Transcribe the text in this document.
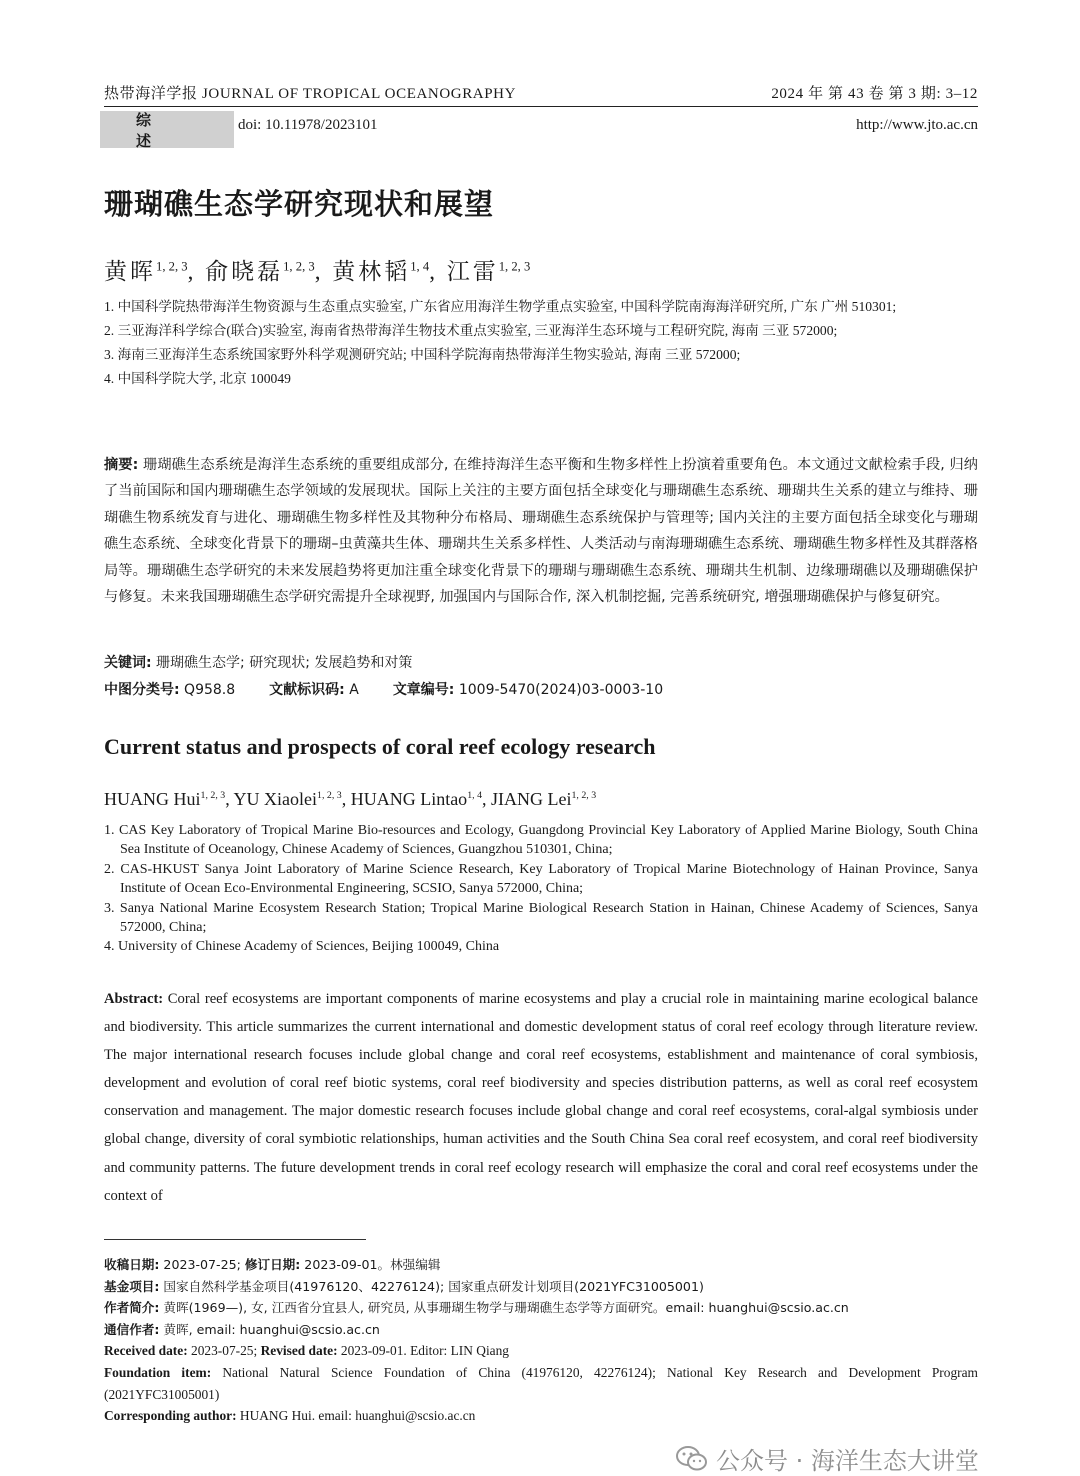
热带海洋学报 JOURNAL OF TROPICAL OCEANOGRAPHY	2024 年 第 43 卷 第 3 期: 3–12
综 述
doi: 10.11978/2023101	http://www.jto.ac.cn
珊瑚礁生态学研究现状和展望
黄晖$^{1, 2, 3}$, 俞晓磊$^{1, 2, 3}$, 黄林韬$^{1, 4}$, 江雷$^{1, 2, 3}$
1. 中国科学院热带海洋生物资源与生态重点实验室, 广东省应用海洋生物学重点实验室, 中国科学院南海海洋研究所, 广东 广州 510301;
2. 三亚海洋科学综合(联合)实验室, 海南省热带海洋生物技术重点实验室, 三亚海洋生态环境与工程研究院, 海南 三亚 572000;
3. 海南三亚海洋生态系统国家野外科学观测研究站; 中国科学院海南热带海洋生物实验站, 海南 三亚 572000;
4. 中国科学院大学, 北京 100049
摘要: 珊瑚礁生态系统是海洋生态系统的重要组成部分, 在维持海洋生态平衡和生物多样性上扮演着重要角色。本文通过文献检索手段, 归纳了当前国际和国内珊瑚礁生态学领域的发展现状。国际上关注的主要方面包括全球变化与珊瑚礁生态系统、珊瑚共生关系的建立与维持、珊瑚礁生物系统发育与进化、珊瑚礁生物多样性及其物种分布格局、珊瑚礁生态系统保护与管理等; 国内关注的主要方面包括全球变化与珊瑚礁生态系统、全球变化背景下的珊瑚–虫黄藻共生体、珊瑚共生关系多样性、人类活动与南海珊瑚礁生态系统、珊瑚礁生物多样性及其群落格局等。珊瑚礁生态学研究的未来发展趋势将更加注重全球变化背景下的珊瑚与珊瑚礁生态系统、珊瑚共生机制、边缘珊瑚礁以及珊瑚礁保护与修复。未来我国珊瑚礁生态学研究需提升全球视野, 加强国内与国际合作, 深入机制挖掘, 完善系统研究, 增强珊瑚礁保护与修复研究。
关键词: 珊瑚礁生态学; 研究现状; 发展趋势和对策
中图分类号: Q958.8 文献标识码: A 文章编号: 1009-5470(2024)03-0003-10
Current status and prospects of coral reef ecology research
HUANG Hui$^{1, 2, 3}$, YU Xiaolei$^{1, 2, 3}$, HUANG Lintao$^{1, 4}$, JIANG Lei$^{1, 2, 3}$
1. CAS Key Laboratory of Tropical Marine Bio-resources and Ecology, Guangdong Provincial Key Laboratory of Applied Marine Biology, South China Sea Institute of Oceanology, Chinese Academy of Sciences, Guangzhou 510301, China;
2. CAS-HKUST Sanya Joint Laboratory of Marine Science Research, Key Laboratory of Tropical Marine Biotechnology of Hainan Province, Sanya Institute of Ocean Eco-Environmental Engineering, SCSIO, Sanya 572000, China;
3. Sanya National Marine Ecosystem Research Station; Tropical Marine Biological Research Station in Hainan, Chinese Academy of Sciences, Sanya 572000, China;
4. University of Chinese Academy of Sciences, Beijing 100049, China
Abstract: Coral reef ecosystems are important components of marine ecosystems and play a crucial role in maintaining marine ecological balance and biodiversity. This article summarizes the current international and domestic development status of coral reef ecology through literature review. The major international research focuses include global change and coral reef ecosystems, establishment and maintenance of coral symbiosis, development and evolution of coral reef biotic systems, coral reef biodiversity and species distribution patterns, as well as coral reef ecosystem conservation and management. The major domestic research focuses include global change and coral reef ecosystems, coral-algal symbiosis under global change, diversity of coral symbiotic relationships, human activities and the South China Sea coral reef ecosystem, and coral reef biodiversity and community patterns. The future development trends in coral reef ecology research will emphasize the coral and coral reef ecosystems under the context of
收稿日期: 2023-07-25; 修订日期: 2023-09-01。林强编辑
基金项目: 国家自然科学基金项目(41976120、42276124); 国家重点研发计划项目(2021YFC31005001)
作者简介: 黄晖(1969—), 女, 江西省分宜县人, 研究员, 从事珊瑚生物学与珊瑚礁生态学等方面研究。email: huanghui@scsio.ac.cn
通信作者: 黄晖, email: huanghui@scsio.ac.cn
Received date: 2023-07-25; Revised date: 2023-09-01. Editor: LIN Qiang
Foundation item: National Natural Science Foundation of China (41976120, 42276124); National Key Research and Development Program (2021YFC31005001)
Corresponding author: HUANG Hui. email: huanghui@scsio.ac.cn
公众号 · 海洋生态大讲堂
